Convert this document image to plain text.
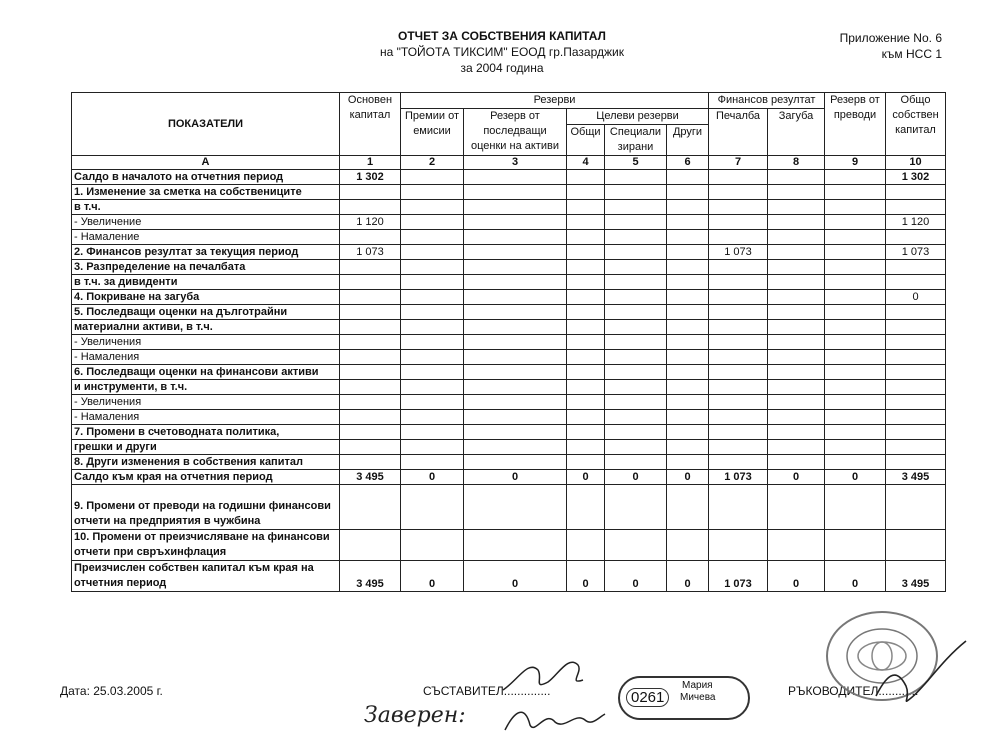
ОТЧЕТ ЗА СОБСТВЕНИЯ КАПИТАЛ
на "ТОЙОТА ТИКСИМ" ЕООД гр.Пазарджик
за 2004 година
Приложение No. 6
към НСС 1
ПОКАЗАТЕЛИ	Основен капитал	Резерви					Финансов резултат		Резерв от преводи	Общо собствен капитал
		Премии от емисии	Резерв от последващи оценки на активи	Целеви резерви			Печалба	Загуба		
				Общи	Специали зирани	Други				
А	1	2	3	4	5	6	7	8	9	10
Салдо в началото на отчетния период	1 302									1 302
1. Изменение за сметка на собствениците										
в т.ч.										
- Увеличение	1 120									1 120
- Намаление										
2. Финансов резултат за текущия период	1 073						1 073			1 073
3. Разпределение на печалбата										
в т.ч. за дивиденти										
4. Покриване на загуба										0
5. Последващи оценки на дълготрайни										
материални активи, в т.ч.										
- Увеличения										
- Намаления										
6. Последващи оценки на финансови активи										
и инструменти, в т.ч.										
- Увеличения										
- Намаления										
7. Промени в счетоводната политика,										
грешки и други										
8. Други изменения в собствения капитал										
Салдо към края на отчетния период	3 495	0	0	0	0	0	1 073	0	0	3 495
9. Промени от преводи на годишни финансови отчети на предприятия в чужбина										
10. Промени от преизчисляване на финансови отчети при свръхинфлация										
Преизчислен собствен капитал към края на отчетния период	3 495	0	0	0	0	0	1 073	0	0	3 495
Дата: 25.03.2005 г.	СЪСТАВИТЕЛ..............	РЪКОВОДИТЕЛ............
0261
Мария
Мичева
Заверен:
